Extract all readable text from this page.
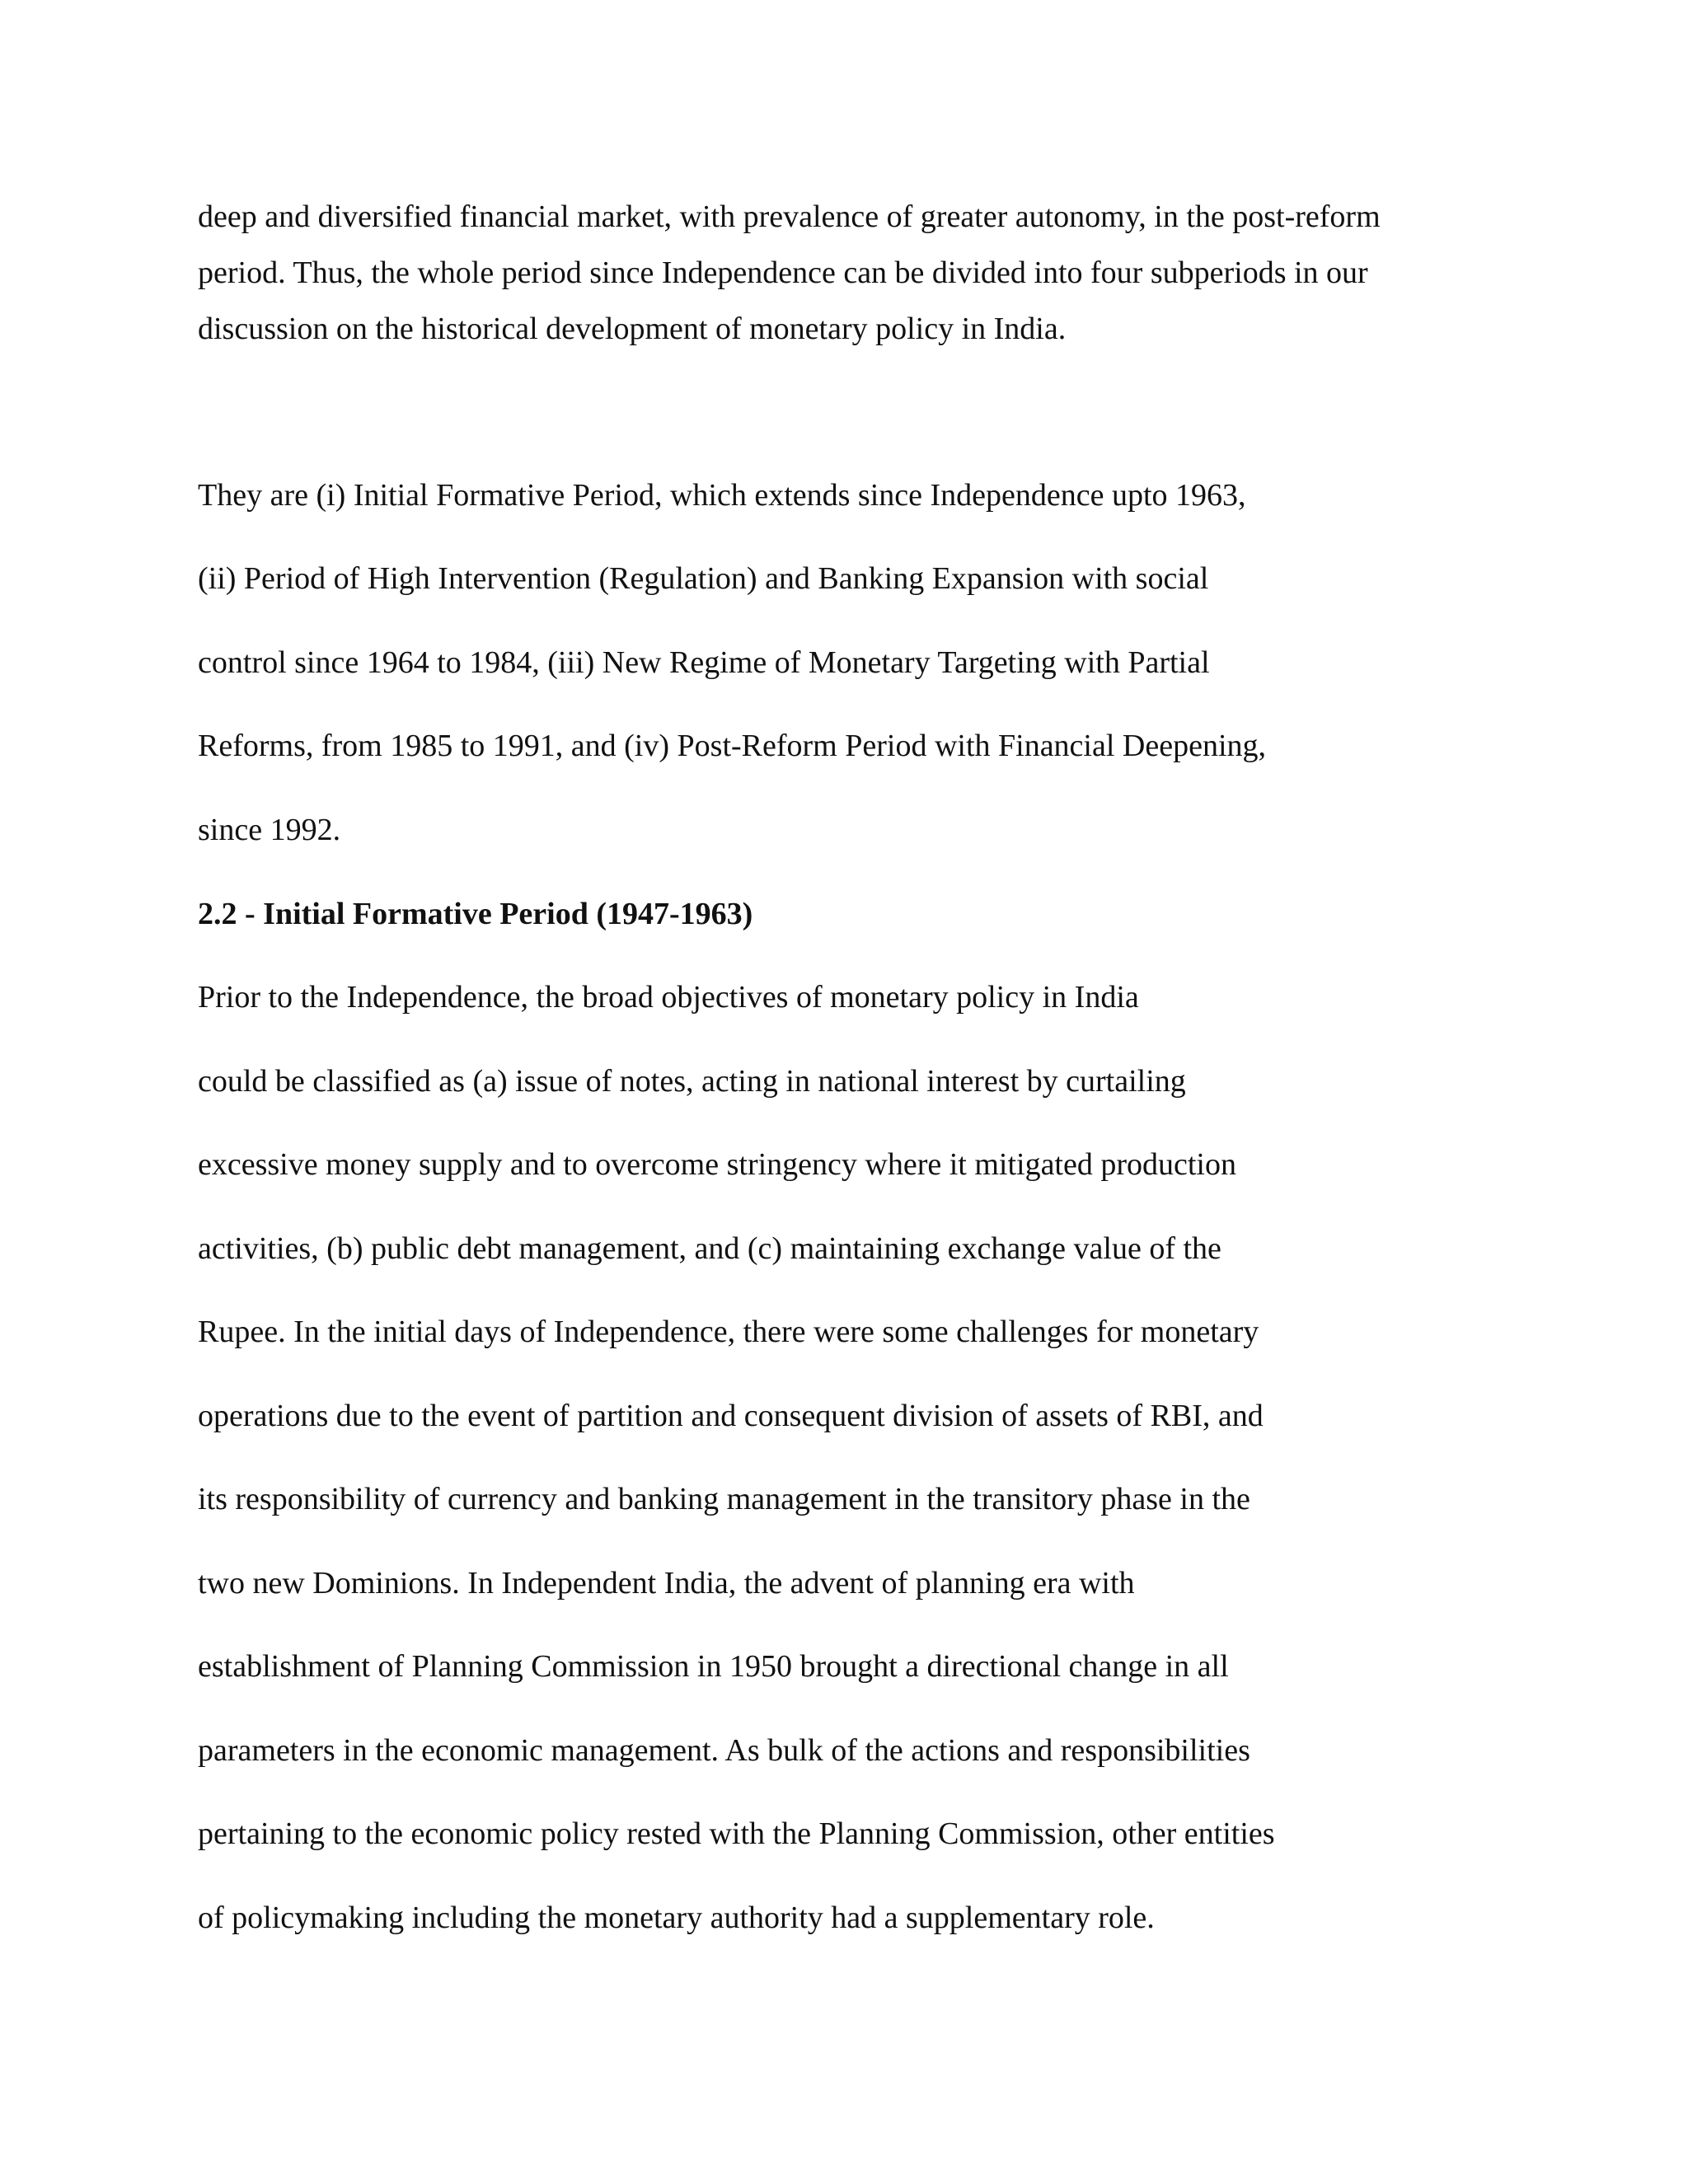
deep and diversified financial market, with prevalence of greater autonomy, in the post-reform

period. Thus, the whole period since Independence can be divided into four subperiods in our

discussion on the historical development of monetary policy in India.

They are (i) Initial Formative Period, which extends since Independence upto 1963,

(ii) Period of High Intervention (Regulation) and Banking Expansion with social

control since 1964 to 1984, (iii) New Regime of Monetary Targeting with Partial

Reforms, from 1985 to 1991, and (iv) Post-Reform Period with Financial Deepening,

since 1992.

2.2 - Initial Formative Period (1947-1963)

Prior to the Independence, the broad objectives of monetary policy in India

could be classified as (a) issue of notes, acting in national interest by curtailing

excessive money supply and to overcome stringency where it mitigated production

activities, (b) public debt management, and (c) maintaining exchange value of the

Rupee. In the initial days of Independence, there were some challenges for monetary

operations due to the event of partition and consequent division of assets of RBI, and

its responsibility of currency and banking management in the transitory phase in the

two new Dominions. In Independent India, the advent of planning era with

establishment of Planning Commission in 1950 brought a directional change in all

parameters in the economic management. As bulk of the actions and responsibilities

pertaining to the economic policy rested with the Planning Commission, other entities

of policymaking including the monetary authority had a supplementary role.
